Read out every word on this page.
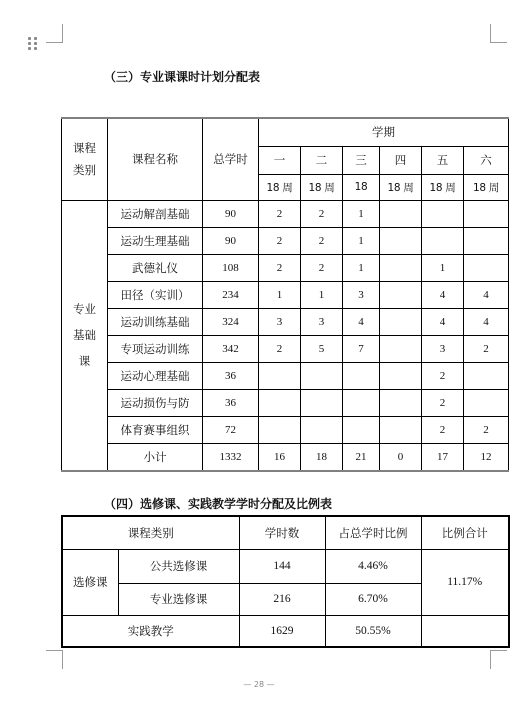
（三）专业课课时计划分配表
课程
类别	课程名称	总学时	学期					
			一	二	三	四	五	六
			18 周	18 周	18	18 周	18 周	18 周

专业
基础
课	运动解剖基础	90	2	2	1			
	运动生理基础	90	2	2	1			
	武德礼仪	108	2	2	1		1	
	田径（实训）	234	1	1	3		4	4
	运动训练基础	324	3	3	4		4	4
	专项运动训练	342	2	5	7		3	2
	运动心理基础	36					2	
	运动损伤与防	36					2	
	体育赛事组织	72					2	2
	小计	1332	16	18	21	0	17	12
（四）选修课、实践教学学时分配及比例表
课程类别		学时数	占总学时比例	比例合计
选修课	公共选修课	144	4.46%	11.17%
	专业选修课	216	6.70%	
实践教学		1629	50.55%	
— 28 —
